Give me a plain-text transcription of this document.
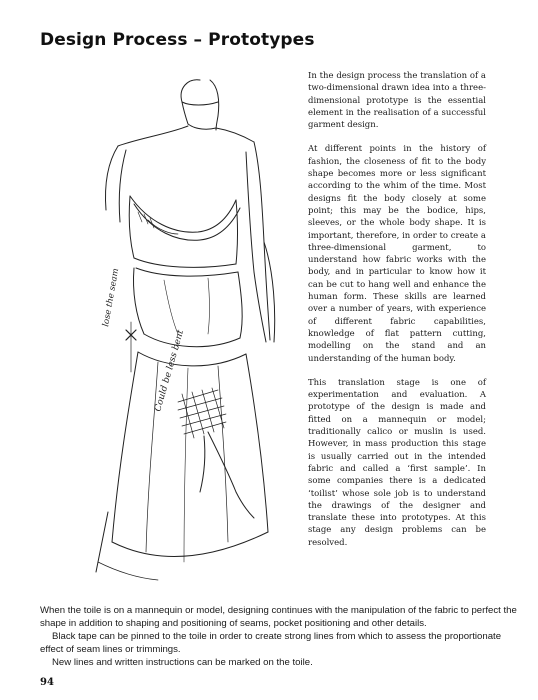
Design Process – Prototypes
lose the seam
Could be less bent

In the design process the translation of a two-dimensional drawn idea into a three-dimensional prototype is the essential element in the realisation of a successful garment design.

At different points in the history of fashion, the closeness of fit to the body shape becomes more or less significant according to the whim of the time. Most designs fit the body closely at some point; this may be the bodice, hips, sleeves, or the whole body shape. It is important, therefore, in order to create a three-dimensional garment, to understand how fabric works with the body, and in particular to know how it can be cut to hang well and enhance the human form. These skills are learned over a number of years, with experience of different fabric capabilities, knowledge of flat pattern cutting, modelling on the stand and an understanding of the human body.

This translation stage is one of experimentation and evaluation. A prototype of the design is made and fitted on a mannequin or model; traditionally calico or muslin is used. However, in mass production this stage is usually carried out in the intended fabric and called a ‘first sample’. In some companies there is a dedicated ‘toilist’ whose sole job is to understand the drawings of the designer and translate these into prototypes. At this stage any design problems can be resolved.

When the toile is on a mannequin or model, designing continues with the manipulation of the fabric to perfect the shape in addition to shaping and positioning of seams, pocket positioning and other details.

Black tape can be pinned to the toile in order to create strong lines from which to assess the proportionate effect of seam lines or trimmings.

New lines and written instructions can be marked on the toile.

94
